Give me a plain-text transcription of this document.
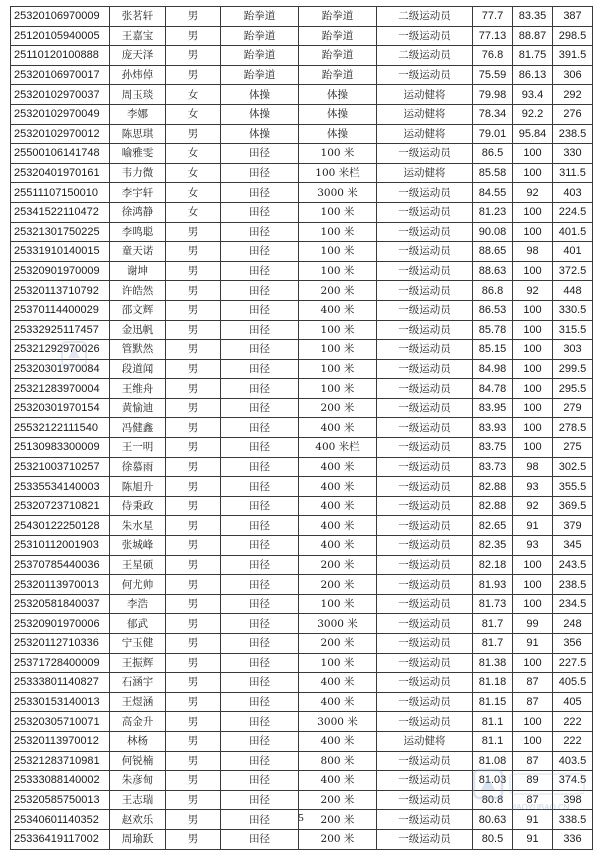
25320106970009	张茗轩	男	跆拳道	跆拳道	二级运动员	77.7	83.35	387
25120105940005	王嘉宝	男	跆拳道	跆拳道	一级运动员	77.13	88.87	298.5
25110120100888	庞天泽	男	跆拳道	跆拳道	二级运动员	76.8	81.75	391.5
25320106970017	孙炜倬	男	跆拳道	跆拳道	一级运动员	75.59	86.13	306
25320102970037	周玉琰	女	体操	体操	运动健将	79.98	93.4	292
25320102970049	李娜	女	体操	体操	运动健将	78.34	92.2	276
25320102970012	陈思琪	男	体操	体操	运动健将	79.01	95.84	238.5
25500106141748	喻雅雯	女	田径	100 米	一级运动员	86.5	100	330
25320401970161	韦力微	女	田径	100 米栏	运动健将	85.58	100	311.5
25511107150010	李宇轩	女	田径	3000 米	一级运动员	84.55	92	403
25341522110472	徐鸿静	女	田径	100 米	一级运动员	81.23	100	224.5
25321301750225	李鸣聪	男	田径	100 米	一级运动员	90.08	100	401.5
25331910140015	童天诺	男	田径	100 米	一级运动员	88.65	98	401
25320901970009	谢坤	男	田径	100 米	一级运动员	88.63	100	372.5
25320113710792	许皓然	男	田径	200 米	一级运动员	86.8	92	448
25370114400029	邵文辉	男	田径	400 米	一级运动员	86.53	100	330.5
25332925117457	金迅帆	男	田径	100 米	一级运动员	85.78	100	315.5
25321292970026	管默然	男	田径	100 米	一级运动员	85.15	100	303
25320301970084	段道闻	男	田径	100 米	一级运动员	84.98	100	299.5
25321283970004	王维舟	男	田径	100 米	一级运动员	84.78	100	295.5
25320301970154	黄愉迪	男	田径	200 米	一级运动员	83.95	100	279
25532122111540	冯健鑫	男	田径	400 米	一级运动员	83.93	100	278.5
25130983300009	王一明	男	田径	400 米栏	一级运动员	83.75	100	275
25321003710257	徐慕雨	男	田径	400 米	一级运动员	83.73	98	302.5
25335534140003	陈旭升	男	田径	400 米	一级运动员	82.88	93	355.5
25320723710821	侍秉政	男	田径	400 米	一级运动员	82.88	92	369.5
25430122250128	朱水星	男	田径	400 米	一级运动员	82.65	91	379
25310112001903	张城峰	男	田径	400 米	一级运动员	82.35	93	345
25370785440036	王星硕	男	田径	200 米	一级运动员	82.18	100	243.5
25320113970013	何尤帅	男	田径	200 米	一级运动员	81.93	100	238.5
25320581840037	李浩	男	田径	100 米	一级运动员	81.73	100	234.5
25320901970006	郁武	男	田径	3000 米	一级运动员	81.7	99	248
25320112710336	宁玉健	男	田径	200 米	一级运动员	81.7	91	356
25371728400009	王振辉	男	田径	100 米	一级运动员	81.38	100	227.5
25333801140827	石涵宇	男	田径	400 米	一级运动员	81.18	87	405.5
25330153140013	王煜涵	男	田径	400 米	一级运动员	81.15	87	405
25320305710071	高金升	男	田径	3000 米	一级运动员	81.1	100	222
25320113970012	林杨	男	田径	400 米	运动健将	81.1	100	222
25321283710981	何锐楠	男	田径	800 米	一级运动员	81.08	87	403.5
25333088140002	朱彦甸	男	田径	400 米	一级运动员	81.03	89	374.5
25320585750013	王志瑞	男	田径	200 米	一级运动员	80.8	87	398
25340601140352	赵欢乐	男	田径	200 米	一级运动员	80.63	91	338.5
25336419117002	周瑜跃	男	田径	200 米	一级运动员	80.5	91	336
JIAOYUBAO.CN
5
